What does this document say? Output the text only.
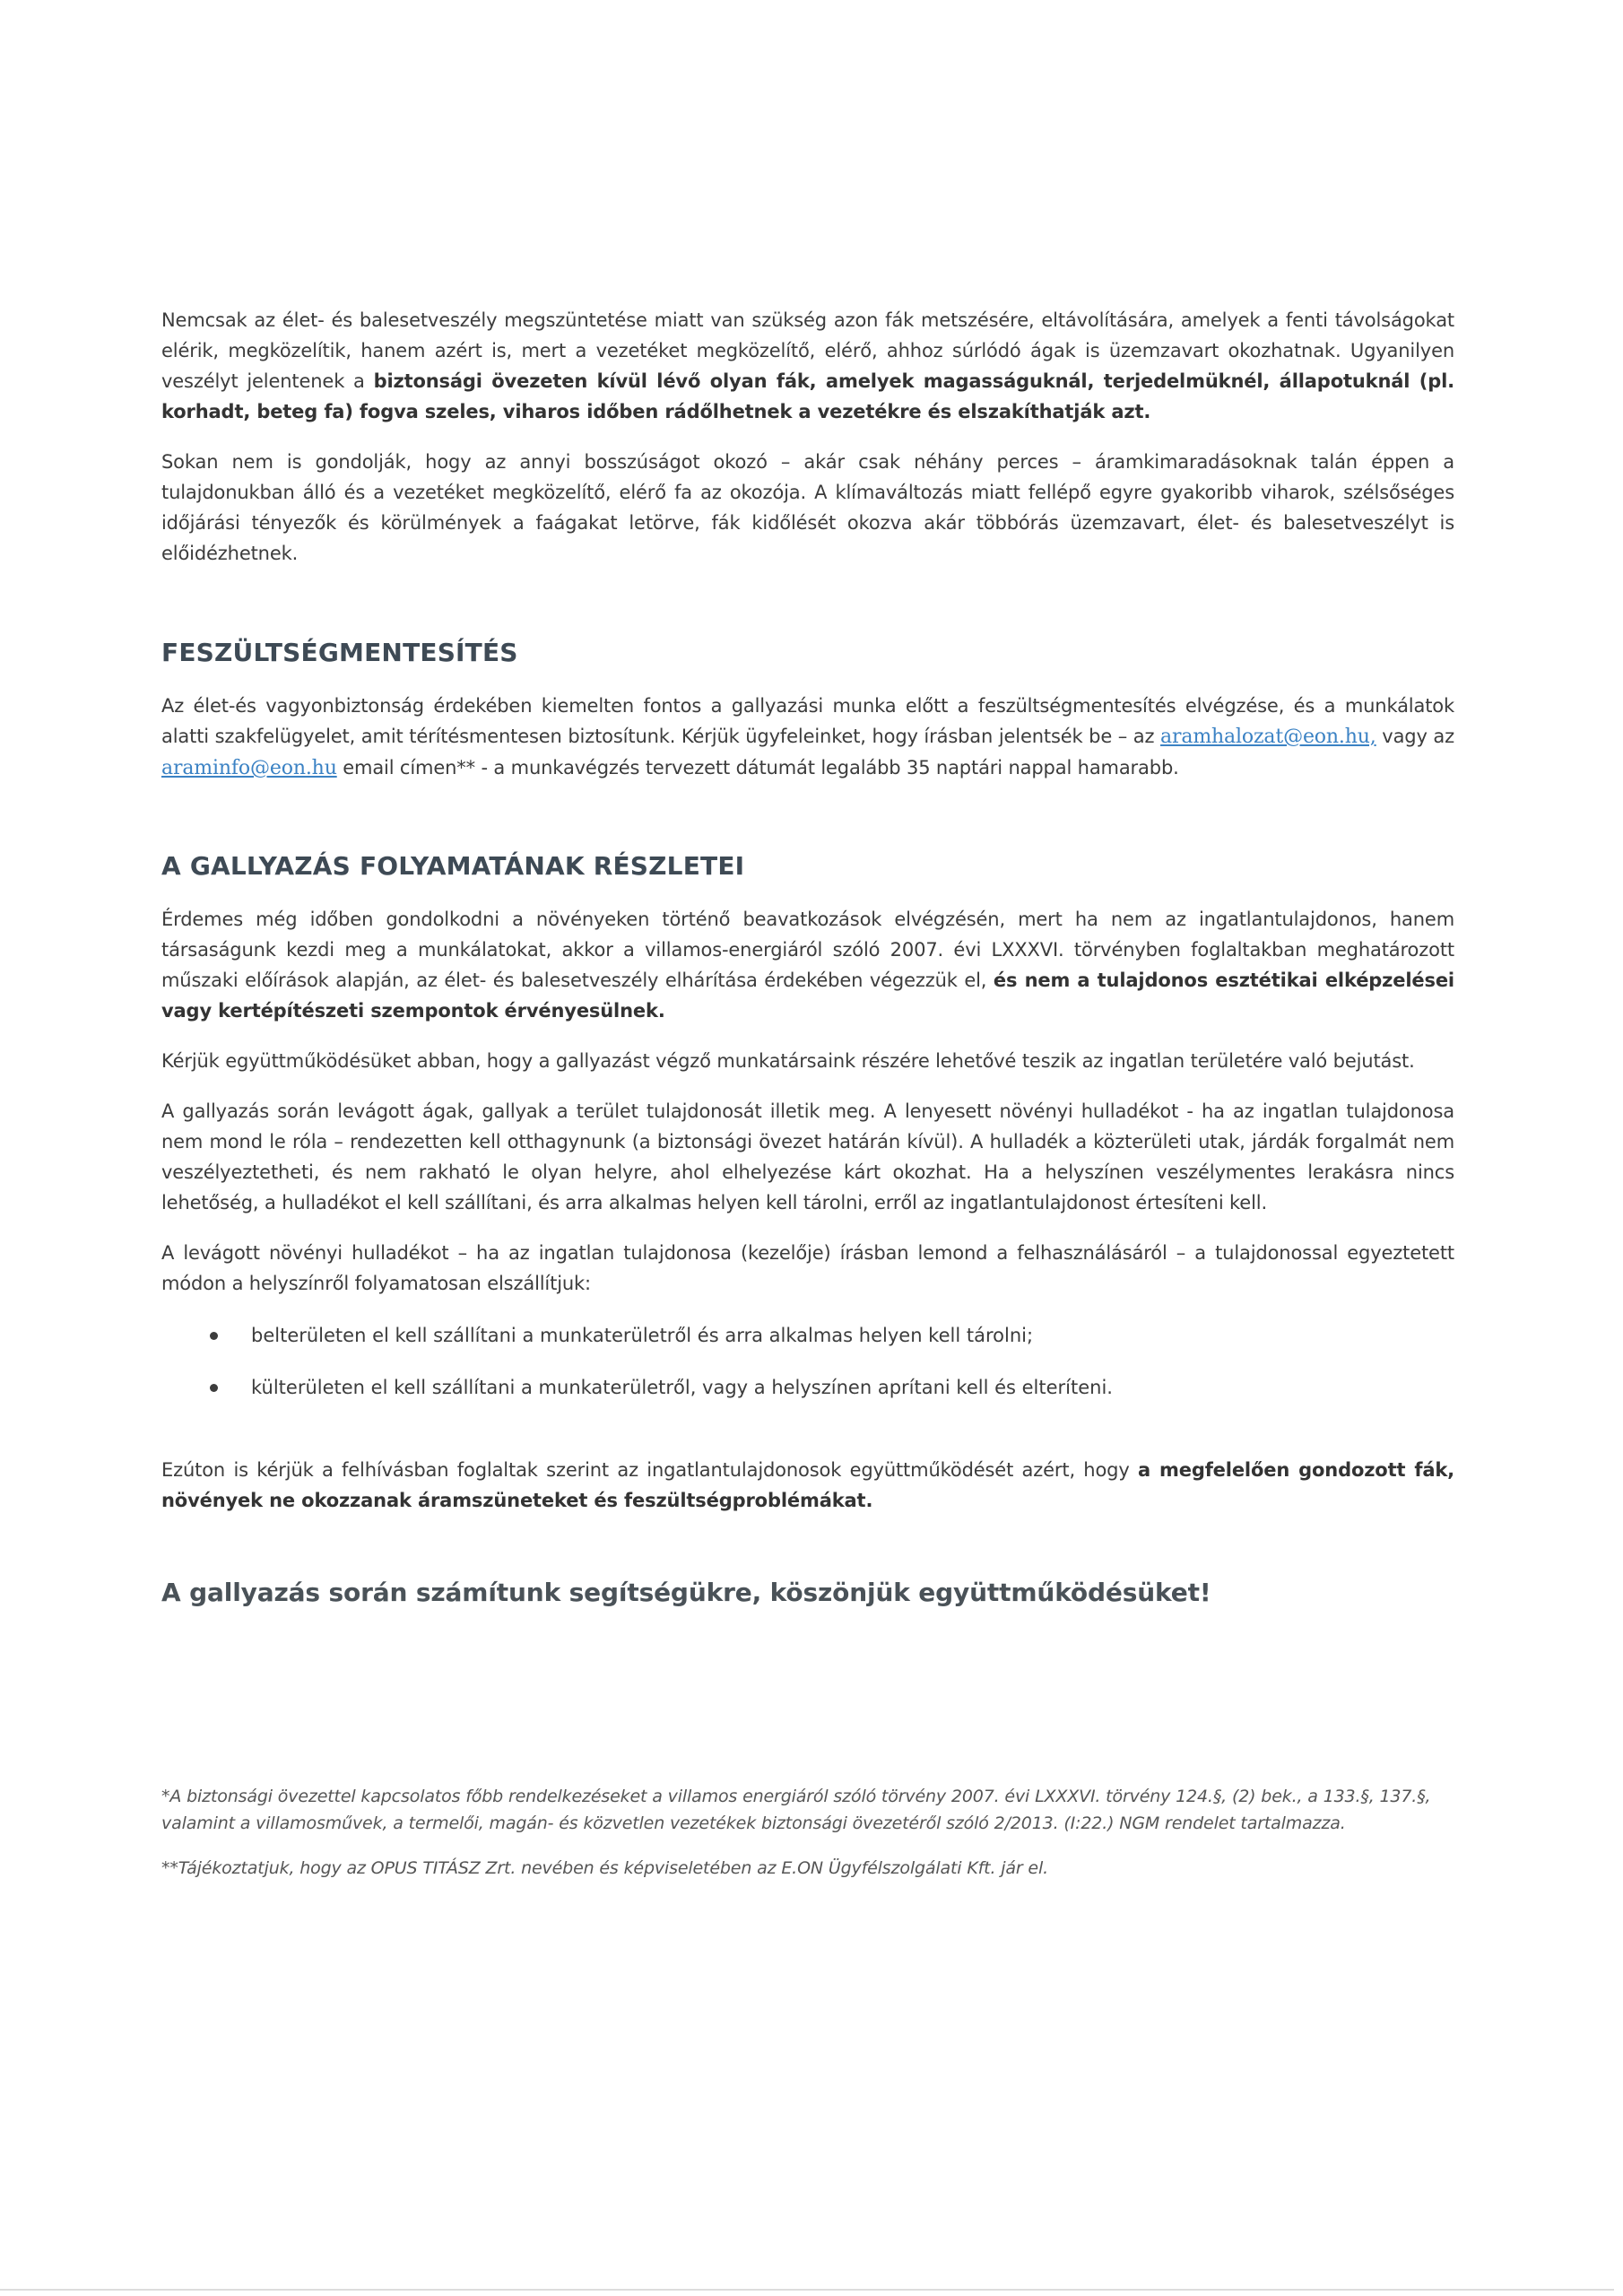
Nemcsak az élet- és balesetveszély megszüntetése miatt van szükség azon fák metszésére, eltávolítására, amelyek a fenti távolságokat elérik, megközelítik, hanem azért is, mert a vezetéket megközelítő, elérő, ahhoz súrlódó ágak is üzemzavart okozhatnak. Ugyanilyen veszélyt jelentenek a biztonsági övezeten kívül lévő olyan fák, amelyek magasságuknál, terjedelmüknél, állapotuknál (pl. korhadt, beteg fa) fogva szeles, viharos időben rádőlhetnek a vezetékre és elszakíthatják azt.

Sokan nem is gondolják, hogy az annyi bosszúságot okozó – akár csak néhány perces – áramkimaradásoknak talán éppen a tulajdonukban álló és a vezetéket megközelítő, elérő fa az okozója. A klímaváltozás miatt fellépő egyre gyakoribb viharok, szélsőséges időjárási tényezők és körülmények a faágakat letörve, fák kidőlését okozva akár többórás üzemzavart, élet- és balesetveszélyt is előidézhetnek.

FESZÜLTSÉGMENTESÍTÉS

Az élet-és vagyonbiztonság érdekében kiemelten fontos a gallyazási munka előtt a feszültségmentesítés elvégzése, és a munkálatok alatti szakfelügyelet, amit térítésmentesen biztosítunk. Kérjük ügyfeleinket, hogy írásban jelentsék be – az aramhalozat@eon.hu, vagy az araminfo@eon.hu email címen** - a munkavégzés tervezett dátumát legalább 35 naptári nappal hamarabb.

A GALLYAZÁS FOLYAMATÁNAK RÉSZLETEI

Érdemes még időben gondolkodni a növényeken történő beavatkozások elvégzésén, mert ha nem az ingatlantulajdonos, hanem társaságunk kezdi meg a munkálatokat, akkor a villamos-energiáról szóló 2007. évi LXXXVI. törvényben foglaltakban meghatározott műszaki előírások alapján, az élet- és balesetveszély elhárítása érdekében végezzük el, és nem a tulajdonos esztétikai elképzelései vagy kertépítészeti szempontok érvényesülnek.

Kérjük együttműködésüket abban, hogy a gallyazást végző munkatársaink részére lehetővé teszik az ingatlan területére való bejutást.

A gallyazás során levágott ágak, gallyak a terület tulajdonosát illetik meg. A lenyesett növényi hulladékot - ha az ingatlan tulajdonosa nem mond le róla – rendezetten kell otthagynunk (a biztonsági övezet határán kívül). A hulladék a közterületi utak, járdák forgalmát nem veszélyeztetheti, és nem rakható le olyan helyre, ahol elhelyezése kárt okozhat. Ha a helyszínen veszélymentes lerakásra nincs lehetőség, a hulladékot el kell szállítani, és arra alkalmas helyen kell tárolni, erről az ingatlantulajdonost értesíteni kell.

A levágott növényi hulladékot – ha az ingatlan tulajdonosa (kezelője) írásban lemond a felhasználásáról – a tulajdonossal egyeztetett módon a helyszínről folyamatosan elszállítjuk:

belterületen el kell szállítani a munkaterületről és arra alkalmas helyen kell tárolni;
külterületen el kell szállítani a munkaterületről, vagy a helyszínen aprítani kell és elteríteni.

Ezúton is kérjük a felhívásban foglaltak szerint az ingatlantulajdonosok együttműködését azért, hogy a megfelelően gondozott fák, növények ne okozzanak áramszüneteket és feszültségproblémákat.

A gallyazás során számítunk segítségükre, köszönjük együttműködésüket!

*A biztonsági övezettel kapcsolatos főbb rendelkezéseket a villamos energiáról szóló törvény 2007. évi LXXXVI. törvény 124.§, (2) bek., a 133.§, 137.§, valamint a villamosművek, a termelői, magán- és közvetlen vezetékek biztonsági övezetéről szóló 2/2013. (I:22.) NGM rendelet tartalmazza.

**Tájékoztatjuk, hogy az OPUS TITÁSZ Zrt. nevében és képviseletében az E.ON Ügyfélszolgálati Kft. jár el.
